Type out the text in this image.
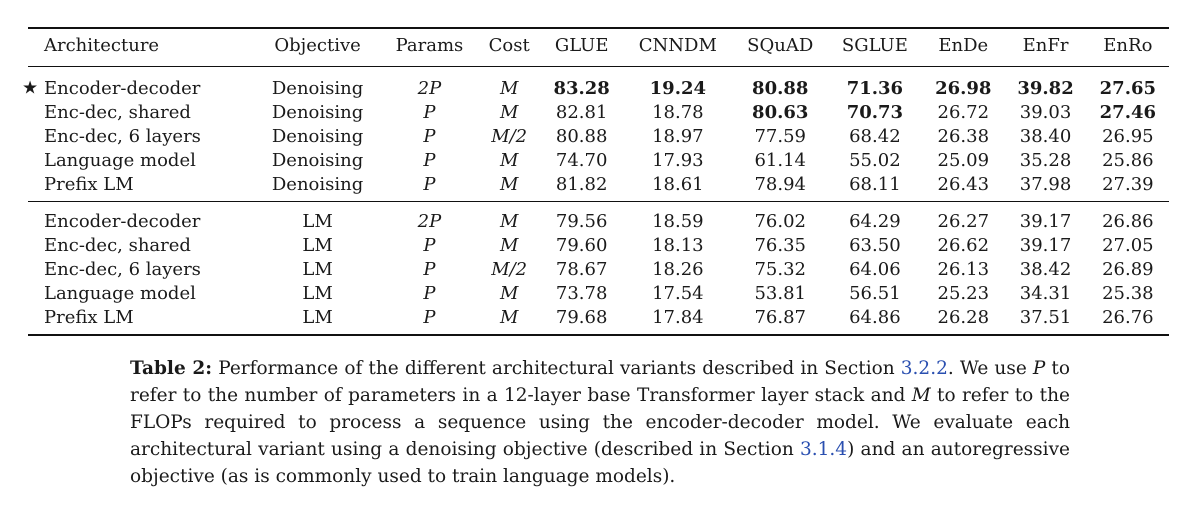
Architecture	Objective	Params	Cost	GLUE	CNNDM	SQuAD	SGLUE	EnDe	EnFr	EnRo

★ Encoder-decoder	Denoising	2P	M	83.28	19.24	80.88	71.36	26.98	39.82	27.65
Enc-dec, shared	Denoising	P	M	82.81	18.78	80.63	70.73	26.72	39.03	27.46
Enc-dec, 6 layers	Denoising	P	M/2	80.88	18.97	77.59	68.42	26.38	38.40	26.95
Language model	Denoising	P	M	74.70	17.93	61.14	55.02	25.09	35.28	25.86
Prefix LM	Denoising	P	M	81.82	18.61	78.94	68.11	26.43	37.98	27.39
Encoder-decoder	LM	2P	M	79.56	18.59	76.02	64.29	26.27	39.17	26.86
Enc-dec, shared	LM	P	M	79.60	18.13	76.35	63.50	26.62	39.17	27.05
Enc-dec, 6 layers	LM	P	M/2	78.67	18.26	75.32	64.06	26.13	38.42	26.89
Language model	LM	P	M	73.78	17.54	53.81	56.51	25.23	34.31	25.38
Prefix LM	LM	P	M	79.68	17.84	76.87	64.86	26.28	37.51	26.76

Table 2: Performance of the different architectural variants described in Section 3.2.2. We use P to refer to the number of parameters in a 12-layer base Transformer layer stack and M to refer to the FLOPs required to process a sequence using the encoder-decoder model. We evaluate each architectural variant using a denoising objective (described in Section 3.1.4) and an autoregressive objective (as is commonly used to train language models).
